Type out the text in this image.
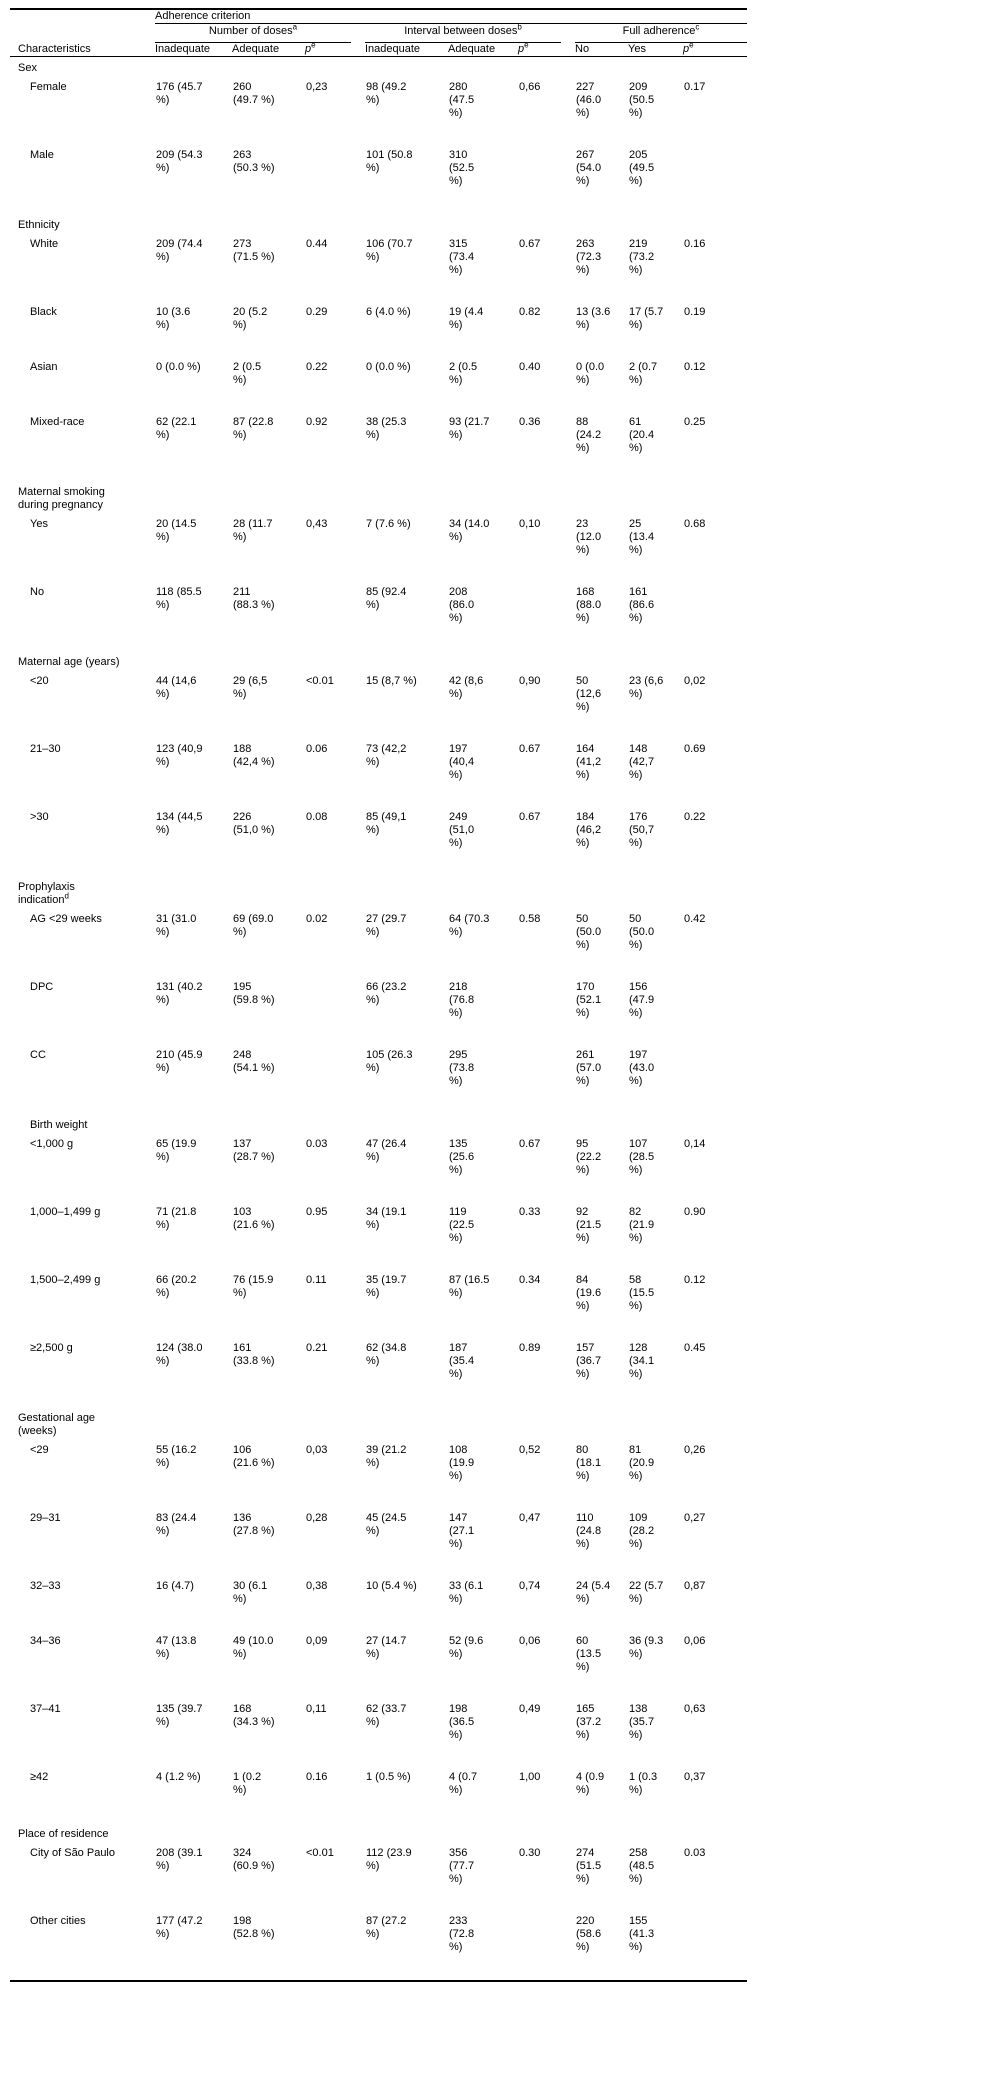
	Adherence criterion								

	Number of doses$^a$			Interval between doses$^b$			Full adherence$^c$

Characteristics	Inadequate	Adequate	$p^e$	Inadequate	Adequate	$p^e$	No	Yes	$p^e$

Sex									

Female	176 (45.7 %)	260 (49.7 %)	0,23	98 (49.2 %)	280 (47.5 %)	0,66	227 (46.0 %)	209 (50.5 %)	0.17

Male	209 (54.3 %)	263 (50.3 %)		101 (50.8 %)	310 (52.5 %)		267 (54.0 %)	205 (49.5 %)	

Ethnicity									

White	209 (74.4 %)	273 (71.5 %)	0.44	106 (70.7 %)	315 (73.4 %)	0.67	263 (72.3 %)	219 (73.2 %)	0.16

Black	10 (3.6 %)	20 (5.2 %)	0.29	6 (4.0 %)	19 (4.4 %)	0.82	13 (3.6 %)	17 (5.7 %)	0.19

Asian	0 (0.0 %)	2 (0.5 %)	0.22	0 (0.0 %)	2 (0.5 %)	0.40	0 (0.0 %)	2 (0.7 %)	0.12

Mixed-race	62 (22.1 %)	87 (22.8 %)	0.92	38 (25.3 %)	93 (21.7 %)	0.36	88 (24.2 %)	61 (20.4 %)	0.25

Maternal smoking during pregnancy									

Yes	20 (14.5 %)	28 (11.7 %)	0,43	7 (7.6 %)	34 (14.0 %)	0,10	23 (12.0 %)	25 (13.4 %)	0.68

No	118 (85.5 %)	211 (88.3 %)		85 (92.4 %)	208 (86.0 %)		168 (88.0 %)	161 (86.6 %)	

Maternal age (years)									

<20	44 (14,6 %)	29 (6,5 %)	<0.01	15 (8,7 %)	42 (8,6 %)	0,90	50 (12,6 %)	23 (6,6 %)	0,02

21–30	123 (40,9 %)	188 (42,4 %)	0.06	73 (42,2 %)	197 (40,4 %)	0.67	164 (41,2 %)	148 (42,7 %)	0.69

>30	134 (44,5 %)	226 (51,0 %)	0.08	85 (49,1 %)	249 (51,0 %)	0.67	184 (46,2 %)	176 (50,7 %)	0.22

Prophylaxis indication$^d$

AG <29 weeks	31 (31.0 %)	69 (69.0 %)	0.02	27 (29.7 %)	64 (70.3 %)	0.58	50 (50.0 %)	50 (50.0 %)	0.42

DPC	131 (40.2 %)	195 (59.8 %)		66 (23.2 %)	218 (76.8 %)		170 (52.1 %)	156 (47.9 %)	

CC	210 (45.9 %)	248 (54.1 %)		105 (26.3 %)	295 (73.8 %)		261 (57.0 %)	197 (43.0 %)	

Birth weight									

<1,000 g	65 (19.9 %)	137 (28.7 %)	0.03	47 (26.4 %)	135 (25.6 %)	0.67	95 (22.2 %)	107 (28.5 %)	0,14

1,000–1,499 g	71 (21.8 %)	103 (21.6 %)	0.95	34 (19.1 %)	119 (22.5 %)	0.33	92 (21.5 %)	82 (21.9 %)	0.90

1,500–2,499 g	66 (20.2 %)	76 (15.9 %)	0.11	35 (19.7 %)	87 (16.5 %)	0.34	84 (19.6 %)	58 (15.5 %)	0.12

≥2,500 g	124 (38.0 %)	161 (33.8 %)	0.21	62 (34.8 %)	187 (35.4 %)	0.89	157 (36.7 %)	128 (34.1 %)	0.45

Gestational age (weeks)									

<29	55 (16.2 %)	106 (21.6 %)	0,03	39 (21.2 %)	108 (19.9 %)	0,52	80 (18.1 %)	81 (20.9 %)	0,26

29–31	83 (24.4 %)	136 (27.8 %)	0,28	45 (24.5 %)	147 (27.1 %)	0,47	110 (24.8 %)	109 (28.2 %)	0,27

32–33	16 (4.7)	30 (6.1 %)	0,38	10 (5.4 %)	33 (6.1 %)	0,74	24 (5.4 %)	22 (5.7 %)	0,87

34–36	47 (13.8 %)	49 (10.0 %)	0,09	27 (14.7 %)	52 (9.6 %)	0,06	60 (13.5 %)	36 (9.3 %)	0,06

37–41	135 (39.7 %)	168 (34.3 %)	0,11	62 (33.7 %)	198 (36.5 %)	0,49	165 (37.2 %)	138 (35.7 %)	0,63

≥42	4 (1.2 %)	1 (0.2 %)	0.16	1 (0.5 %)	4 (0.7 %)	1,00	4 (0.9 %)	1 (0.3 %)	0,37

Place of residence									

City of São Paulo	208 (39.1 %)	324 (60.9 %)	<0.01	112 (23.9 %)	356 (77.7 %)	0.30	274 (51.5 %)	258 (48.5 %)	0.03

Other cities	177 (47.2 %)	198 (52.8 %)		87 (27.2 %)	233 (72.8 %)		220 (58.6 %)	155 (41.3 %)	
